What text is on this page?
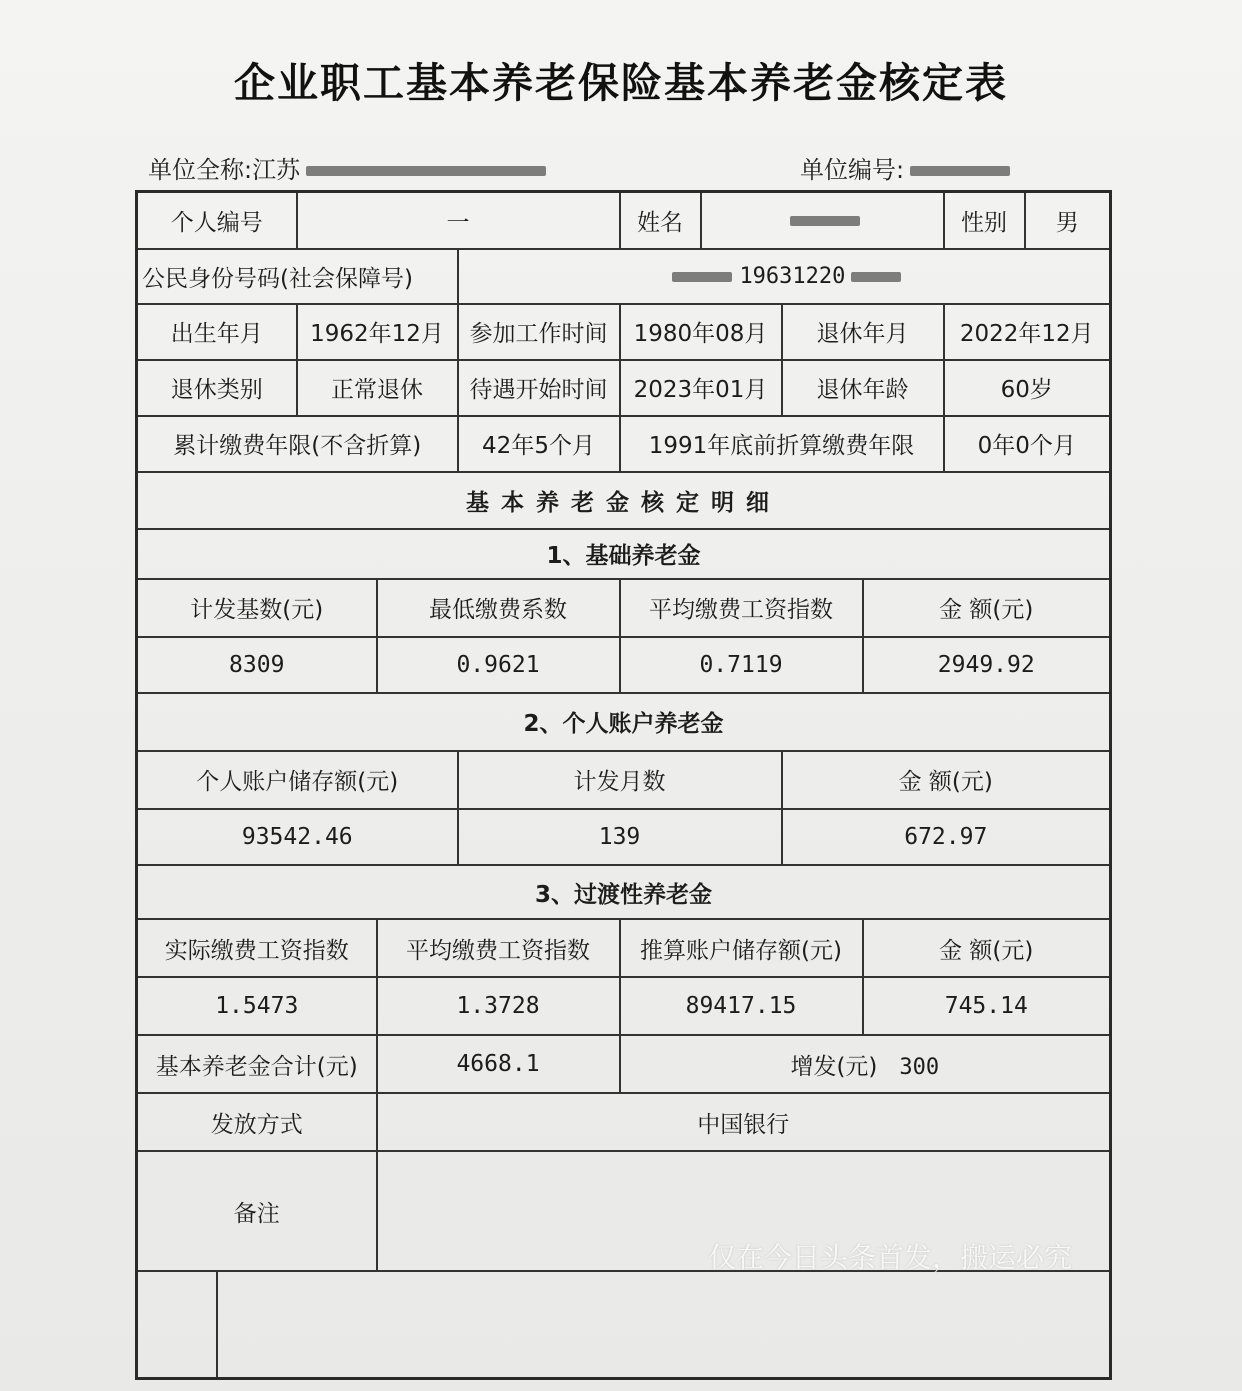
企业职工基本养老保险基本养老金核定表
单位全称:江苏	单位编号:
个人编号		一			姓名				性别	男
公民身份号码(社会保障号)				19631220						
出生年月		1962年12月		参加工作时间	1980年08月		退休年月		2022年12月	
退休类别		正常退休		待遇开始时间	2023年01月		退休年龄		60岁	
累计缴费年限(不含折算)				42年5个月	1991年底前折算缴费年限				0年0个月	
基本养老金核定明细										
1、基础养老金										
计发基数(元)			最低缴费系数		平均缴费工资指数			金 额(元)		
8309			0.9621		0.7119			2949.92		
2、个人账户养老金										
个人账户储存额(元)				计发月数			金 额(元)			
93542.46				139			672.97			
3、过渡性养老金										
实际缴费工资指数			平均缴费工资指数		推算账户储存额(元)			金 额(元)		
1.5473			1.3728		89417.15			745.14		
基本养老金合计(元)			4668.1		增发(元) 300					
发放方式			中国银行							
备注										

仅在今日头条首发，搬运必究
